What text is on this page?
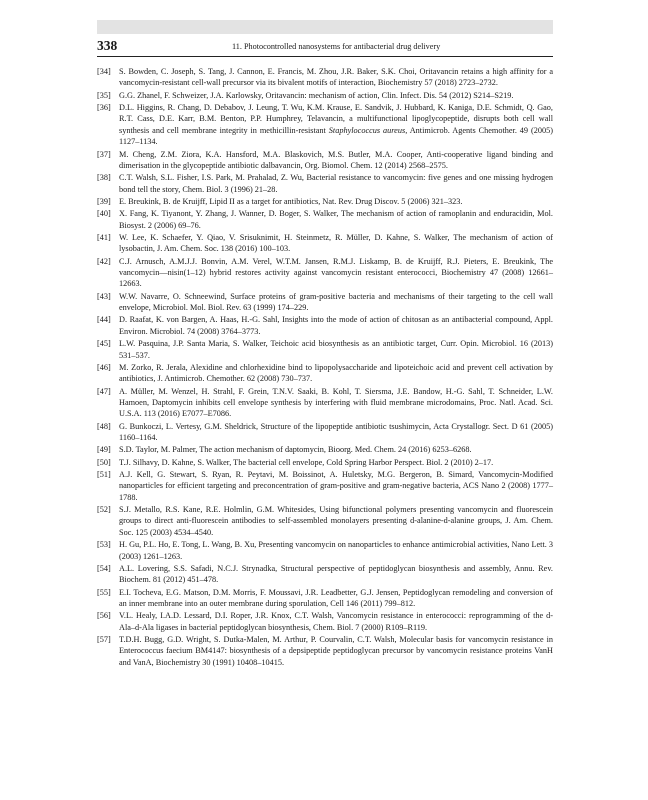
338	11. Photocontrolled nanosystems for antibacterial drug delivery
[34] S. Bowden, C. Joseph, S. Tang, J. Cannon, E. Francis, M. Zhou, J.R. Baker, S.K. Choi, Oritavancin retains a high affinity for a vancomycin-resistant cell-wall precursor via its bivalent motifs of interaction, Biochemistry 57 (2018) 2723–2732.
[35] G.G. Zhanel, F. Schweizer, J.A. Karlowsky, Oritavancin: mechanism of action, Clin. Infect. Dis. 54 (2012) S214–S219.
[36] D.L. Higgins, R. Chang, D. Debabov, J. Leung, T. Wu, K.M. Krause, E. Sandvik, J. Hubbard, K. Kaniga, D.E. Schmidt, Q. Gao, R.T. Cass, D.E. Karr, B.M. Benton, P.P. Humphrey, Telavancin, a multifunctional lipoglycopeptide, disrupts both cell wall synthesis and cell membrane integrity in methicillin-resistant Staphylococcus aureus, Antimicrob. Agents Chemother. 49 (2005) 1127–1134.
[37] M. Cheng, Z.M. Ziora, K.A. Hansford, M.A. Blaskovich, M.S. Butler, M.A. Cooper, Anti-cooperative ligand binding and dimerisation in the glycopeptide antibiotic dalbavancin, Org. Biomol. Chem. 12 (2014) 2568–2575.
[38] C.T. Walsh, S.L. Fisher, I.S. Park, M. Prahalad, Z. Wu, Bacterial resistance to vancomycin: five genes and one missing hydrogen bond tell the story, Chem. Biol. 3 (1996) 21–28.
[39] E. Breukink, B. de Kruijff, Lipid II as a target for antibiotics, Nat. Rev. Drug Discov. 5 (2006) 321–323.
[40] X. Fang, K. Tiyanont, Y. Zhang, J. Wanner, D. Boger, S. Walker, The mechanism of action of ramoplanin and enduracidin, Mol. Biosyst. 2 (2006) 69–76.
[41] W. Lee, K. Schaefer, Y. Qiao, V. Srisuknimit, H. Steinmetz, R. Müller, D. Kahne, S. Walker, The mechanism of action of lysobactin, J. Am. Chem. Soc. 138 (2016) 100–103.
[42] C.J. Arnusch, A.M.J.J. Bonvin, A.M. Verel, W.T.M. Jansen, R.M.J. Liskamp, B. de Kruijff, R.J. Pieters, E. Breukink, The vancomycin—nisin(1–12) hybrid restores activity against vancomycin resistant enterococci, Biochemistry 47 (2008) 12661–12663.
[43] W.W. Navarre, O. Schneewind, Surface proteins of gram-positive bacteria and mechanisms of their targeting to the cell wall envelope, Microbiol. Mol. Biol. Rev. 63 (1999) 174–229.
[44] D. Raafat, K. von Bargen, A. Haas, H.-G. Sahl, Insights into the mode of action of chitosan as an antibacterial compound, Appl. Environ. Microbiol. 74 (2008) 3764–3773.
[45] L.W. Pasquina, J.P. Santa Maria, S. Walker, Teichoic acid biosynthesis as an antibiotic target, Curr. Opin. Microbiol. 16 (2013) 531–537.
[46] M. Zorko, R. Jerala, Alexidine and chlorhexidine bind to lipopolysaccharide and lipoteichoic acid and prevent cell activation by antibiotics, J. Antimicrob. Chemother. 62 (2008) 730–737.
[47] A. Müller, M. Wenzel, H. Strahl, F. Grein, T.N.V. Saaki, B. Kohl, T. Siersma, J.E. Bandow, H.-G. Sahl, T. Schneider, L.W. Hamoen, Daptomycin inhibits cell envelope synthesis by interfering with fluid membrane microdomains, Proc. Natl. Acad. Sci. U.S.A. 113 (2016) E7077–E7086.
[48] G. Bunkoczi, L. Vertesy, G.M. Sheldrick, Structure of the lipopeptide antibiotic tsushimycin, Acta Crystallogr. Sect. D 61 (2005) 1160–1164.
[49] S.D. Taylor, M. Palmer, The action mechanism of daptomycin, Bioorg. Med. Chem. 24 (2016) 6253–6268.
[50] T.J. Silhavy, D. Kahne, S. Walker, The bacterial cell envelope, Cold Spring Harbor Perspect. Biol. 2 (2010) 2–17.
[51] A.J. Kell, G. Stewart, S. Ryan, R. Peytavi, M. Boissinot, A. Huletsky, M.G. Bergeron, B. Simard, Vancomycin-Modified nanoparticles for efficient targeting and preconcentration of gram-positive and gram-negative bacteria, ACS Nano 2 (2008) 1777–1788.
[52] S.J. Metallo, R.S. Kane, R.E. Holmlin, G.M. Whitesides, Using bifunctional polymers presenting vancomycin and fluorescein groups to direct anti-fluorescein antibodies to self-assembled monolayers presenting d-alanine-d-alanine groups, J. Am. Chem. Soc. 125 (2003) 4534–4540.
[53] H. Gu, P.L. Ho, E. Tong, L. Wang, B. Xu, Presenting vancomycin on nanoparticles to enhance antimicrobial activities, Nano Lett. 3 (2003) 1261–1263.
[54] A.L. Lovering, S.S. Safadi, N.C.J. Strynadka, Structural perspective of peptidoglycan biosynthesis and assembly, Annu. Rev. Biochem. 81 (2012) 451–478.
[55] E.I. Tocheva, E.G. Matson, D.M. Morris, F. Moussavi, J.R. Leadbetter, G.J. Jensen, Peptidoglycan remodeling and conversion of an inner membrane into an outer membrane during sporulation, Cell 146 (2011) 799–812.
[56] V.L. Healy, I.A.D. Lessard, D.I. Roper, J.R. Knox, C.T. Walsh, Vancomycin resistance in enterococci: reprogramming of the d-Ala–d-Ala ligases in bacterial peptidoglycan biosynthesis, Chem. Biol. 7 (2000) R109–R119.
[57] T.D.H. Bugg, G.D. Wright, S. Dutka-Malen, M. Arthur, P. Courvalin, C.T. Walsh, Molecular basis for vancomycin resistance in Enterococcus faecium BM4147: biosynthesis of a depsipeptide peptidoglycan precursor by vancomycin resistance proteins VanH and VanA, Biochemistry 30 (1991) 10408–10415.
